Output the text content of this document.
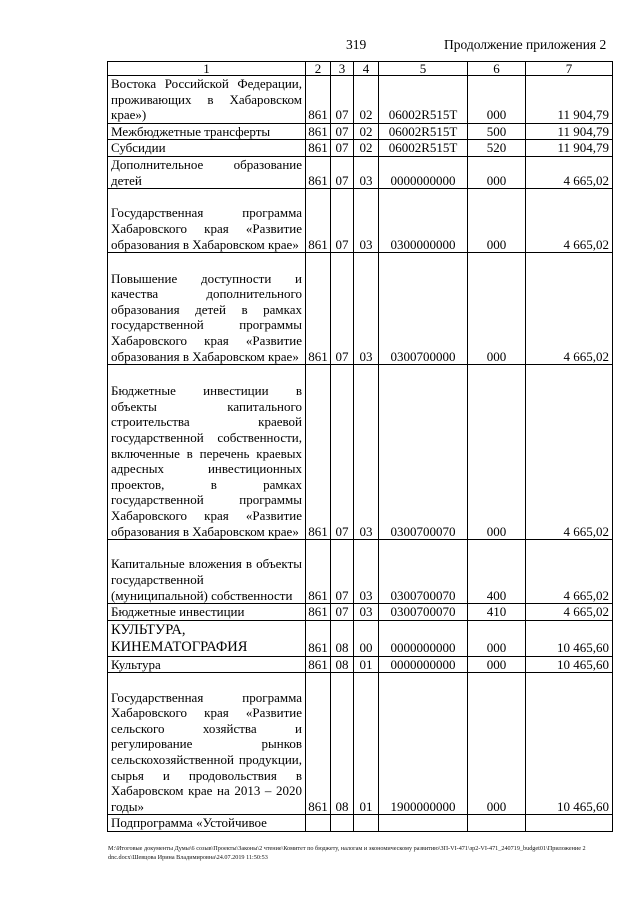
319	Продолжение приложения 2
1	2	3	4	5	6	7
Востока Российской Федерации, проживающих в Хабаровском крае»)	861	07	02	06002R515T	000	11 904,79
Межбюджетные трансферты	861	07	02	06002R515T	500	11 904,79
Субсидии	861	07	02	06002R515T	520	11 904,79
Дополнительное образование детей	861	07	03	0000000000	000	4 665,02
Государственная программа Хабаровского края «Развитие образования в Хабаровском крае»	861	07	03	0300000000	000	4 665,02
Повышение доступности и качества дополнительного образования детей в рамках государственной программы Хабаровского края «Развитие образования в Хабаровском крае»	861	07	03	0300700000	000	4 665,02
Бюджетные инвестиции в объекты капитального строительства краевой государственной собственности, включенные в перечень краевых адресных инвестиционных проектов, в рамках государственной программы Хабаровского края «Развитие образования в Хабаровском крае»	861	07	03	0300700070	000	4 665,02
Капитальные вложения в объекты государственной (муниципальной) собственности	861	07	03	0300700070	400	4 665,02
Бюджетные инвестиции	861	07	03	0300700070	410	4 665,02
КУЛЬТУРА, КИНЕМАТОГРАФИЯ	861	08	00	0000000000	000	10 465,60
Культура	861	08	01	0000000000	000	10 465,60
Государственная программа Хабаровского края «Развитие сельского хозяйства и регулирование рынков сельскохозяйственной продукции, сырья и продовольствия в Хабаровском крае на 2013 – 2020 годы»	861	08	01	1900000000	000	10 465,60
Подпрограмма «Устойчивое						
M:\Итоговые документы Думы\6 созыв\Проекты\Законы\2 чтение\Комитет по бюджету, налогам и экономическому развитию\ЗП-VI-471\зр2-VI-471_240719_budget01\Приложение 2 dnc.docx\Шевцова Ирина Владимировна\24.07.2019 11:50:53
